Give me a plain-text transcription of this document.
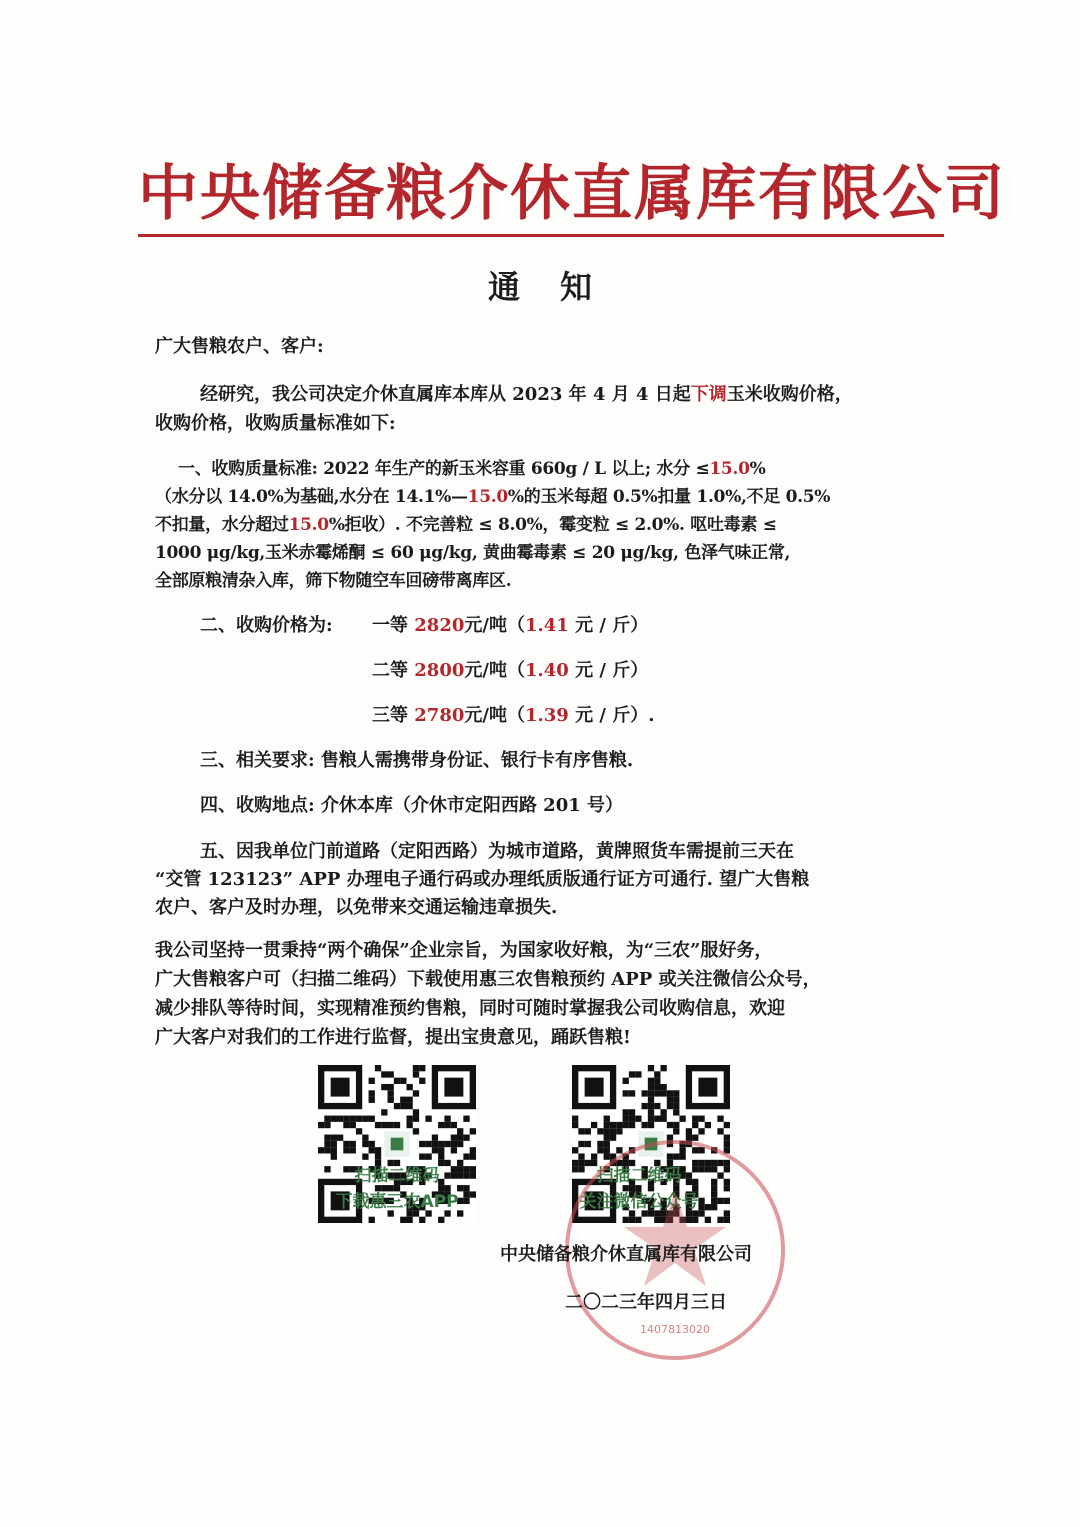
中央储备粮介休直属库有限公司
通知
广大售粮农户、客户:
经研究，我公司决定介休直属库本库从 2023 年 4 月 4 日起下调玉米收购价格，
收购价格，收购质量标准如下:
一、收购质量标准: 2022 年生产的新玉米容重 660g / L 以上; 水分 ≤15.0%
（水分以 14.0%为基础,水分在 14.1%—15.0%的玉米每超 0.5%扣量 1.0%,不足 0.5%
不扣量，水分超过15.0%拒收）. 不完善粒 ≤ 8.0%，霉变粒 ≤ 2.0%. 呕吐毒素 ≤
1000 μg/kg,玉米赤霉烯酮 ≤ 60 μg/kg, 黄曲霉毒素 ≤ 20 μg/kg, 色泽气味正常,
全部原粮清杂入库，筛下物随空车回磅带离库区.
二、收购价格为:	一等 2820元/吨（1.41 元 / 斤）
二等 2800元/吨（1.40 元 / 斤）
三等 2780元/吨（1.39 元 / 斤）.
三、相关要求: 售粮人需携带身份证、银行卡有序售粮.
四、收购地点: 介休本库（介休市定阳西路 201 号）
五、因我单位门前道路（定阳西路）为城市道路，黄牌照货车需提前三天在
“交管 123123” APP 办理电子通行码或办理纸质版通行证方可通行. 望广大售粮
农户、客户及时办理，以免带来交通运输违章损失.
我公司坚持一贯秉持“两个确保”企业宗旨，为国家收好粮，为“三农”服好务，
广大售粮客户可（扫描二维码）下载使用惠三农售粮预约 APP 或关注微信公众号，
减少排队等待时间，实现精准预约售粮，同时可随时掌握我公司收购信息，欢迎
广大客户对我们的工作进行监督，提出宝贵意见，踊跃售粮!
扫描二维码
下载惠三农APP
扫描二维码
关注微信公众号
1407813020
中央储备粮介休直属库有限公司
二〇二三年四月三日
